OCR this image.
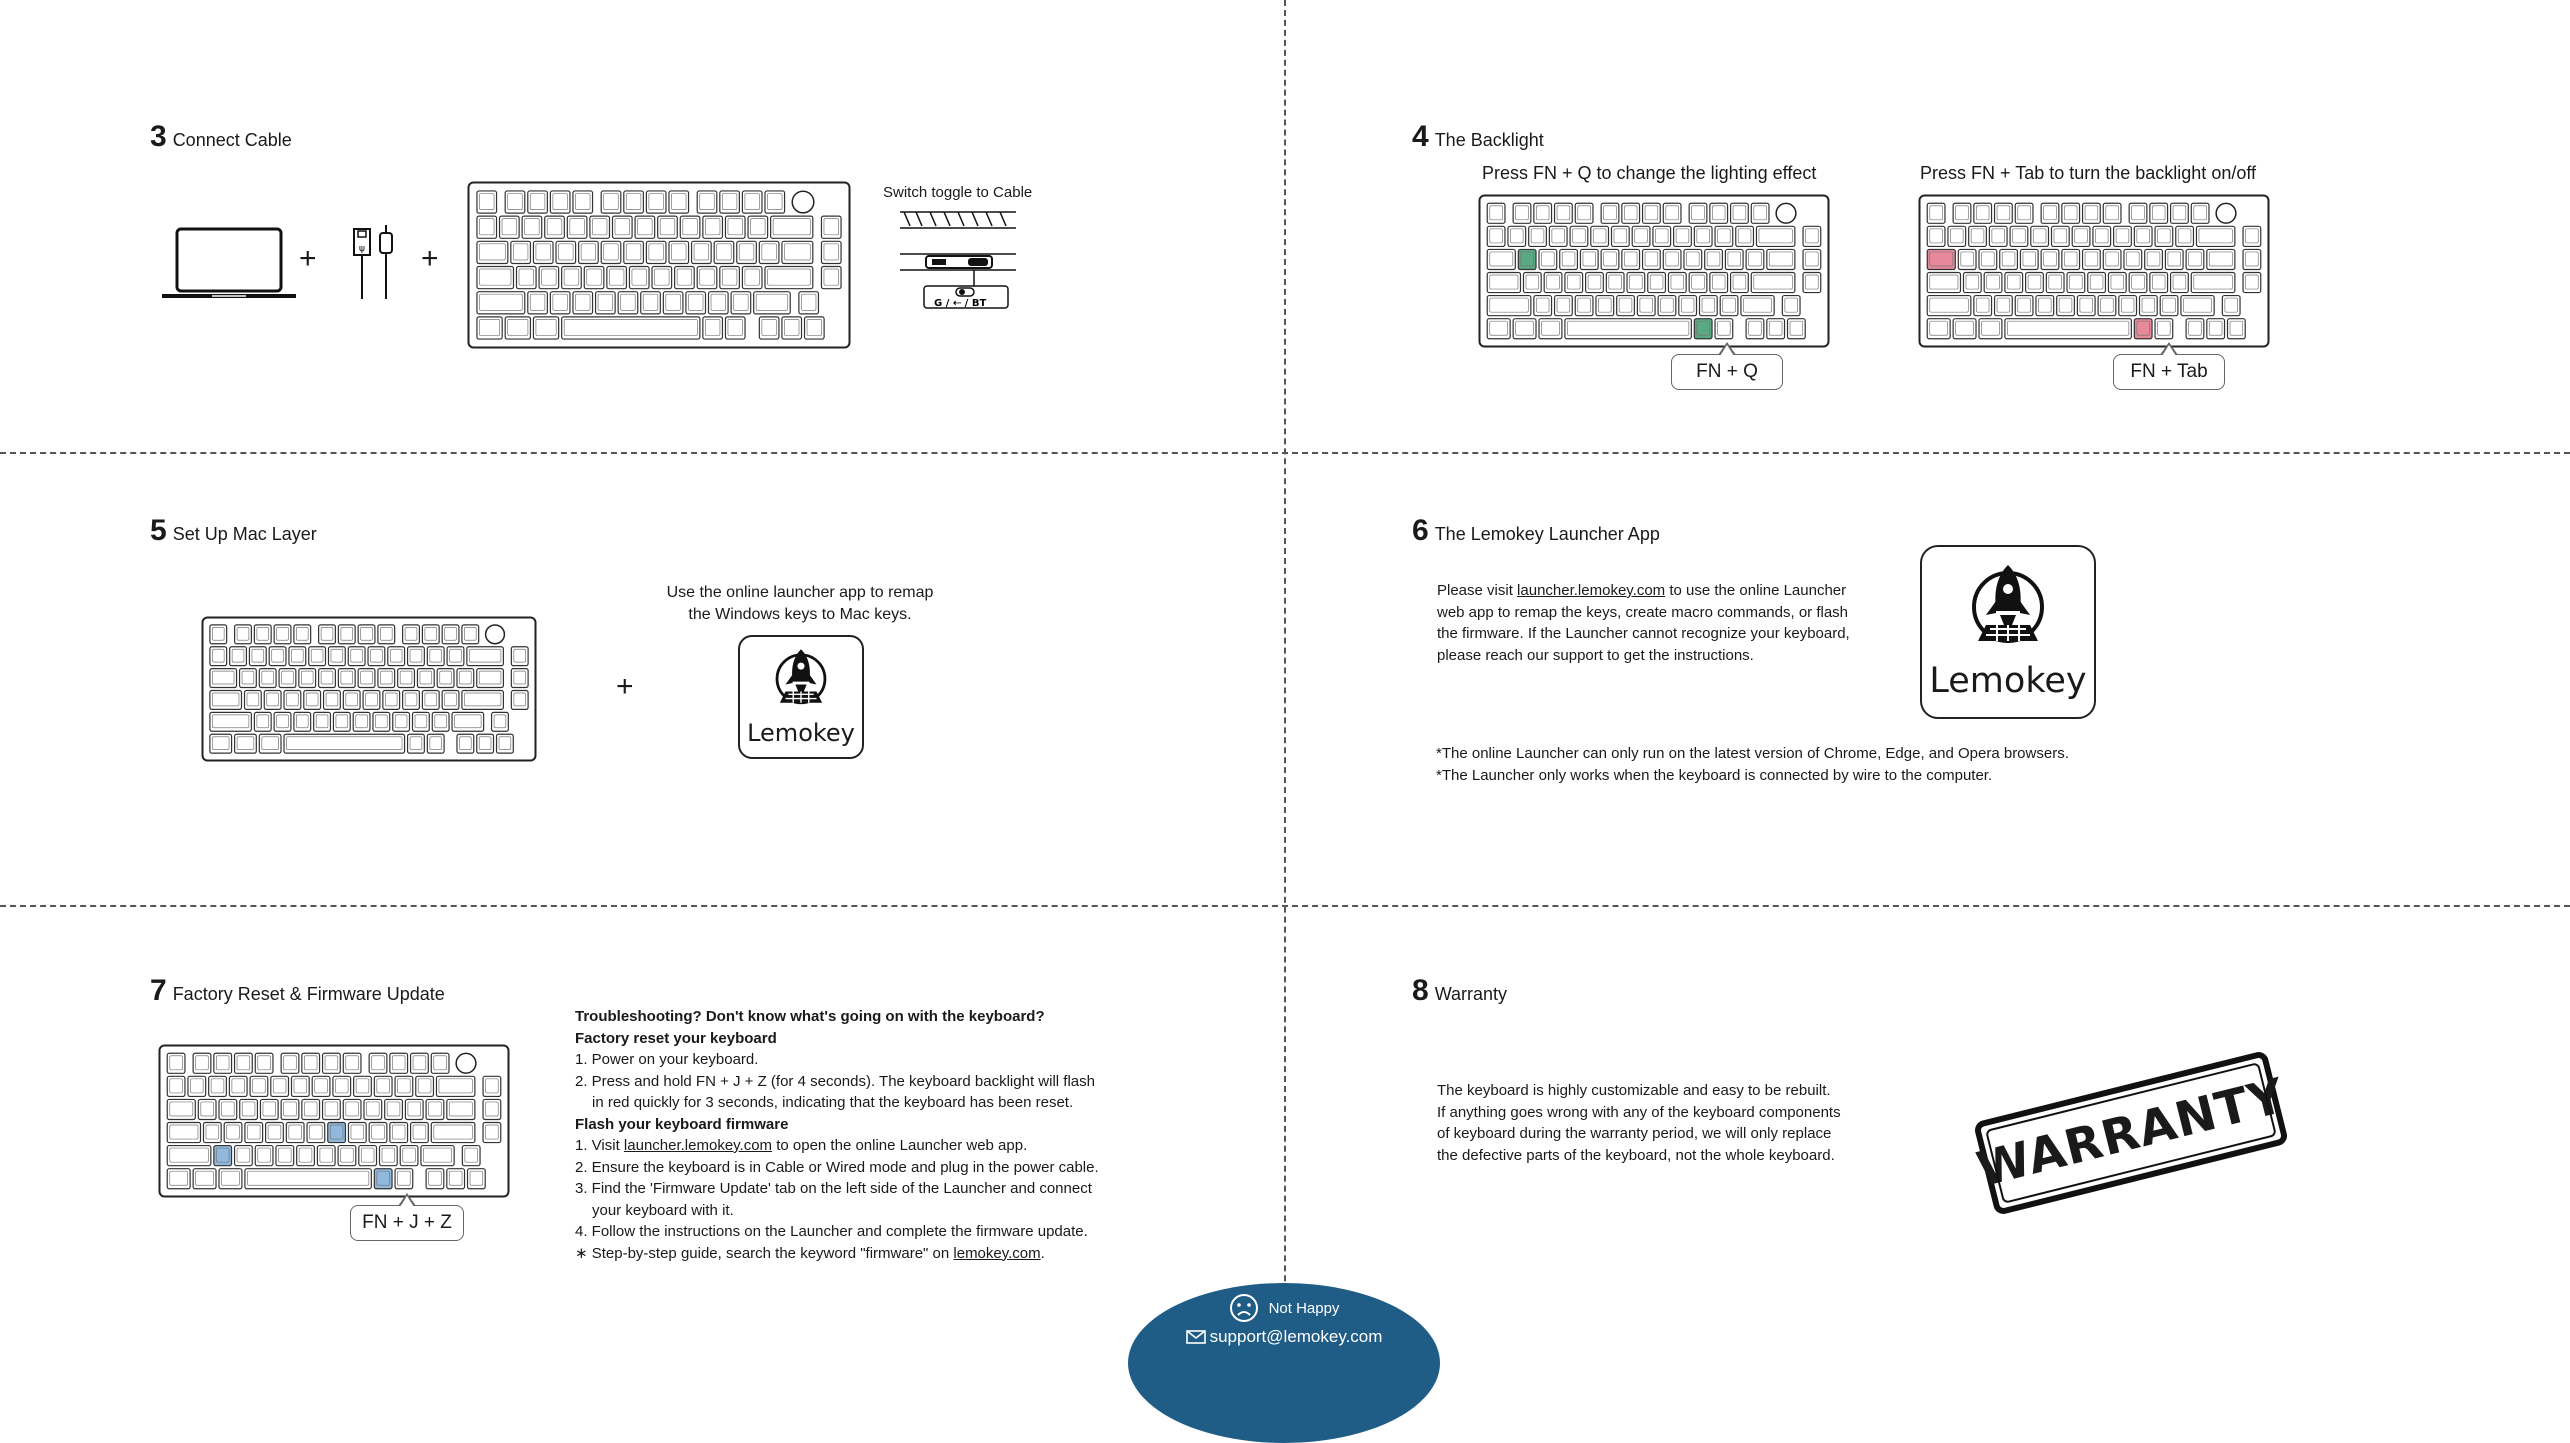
3 Connect Cable
+	ψ +
Switch toggle to Cable
G / ⇠ / BT
4 The Backlight
Press FN + Q to change the lighting effect	Press FN + Tab to turn the backlight on/off
FN + Q	FN + Tab
5 Set Up Mac Layer
+

Use the online launcher app to remap

the Windows keys to Mac keys.

Lemokey
6 The Lemokey Launcher App

Please visit launcher.lemokey.com to use the online Launcher

web app to remap the keys, create macro commands, or flash

the firmware. If the Launcher cannot recognize your keyboard,

please reach our support to get the instructions.

Lemokey

*The online Launcher can only run on the latest version of Chrome, Edge, and Opera browsers.

*The Launcher only works when the keyboard is connected by wire to the computer.

7 Factory Reset & Firmware Update
FN + J + Z

Troubleshooting? Don't know what's going on with the keyboard?

Factory reset your keyboard

1. Power on your keyboard.

2. Press and hold FN + J + Z (for 4 seconds). The keyboard backlight will flash

in red quickly for 3 seconds, indicating that the keyboard has been reset.

Flash your keyboard firmware

1. Visit launcher.lemokey.com to open the online Launcher web app.

2. Ensure the keyboard is in Cable or Wired mode and plug in the power cable.

3. Find the 'Firmware Update' tab on the left side of the Launcher and connect

your keyboard with it.

4. Follow the instructions on the Launcher and complete the firmware update.

∗ Step-by-step guide, search the keyword "firmware" on lemokey.com.

8 Warranty

The keyboard is highly customizable and easy to be rebuilt.

If anything goes wrong with any of the keyboard components

of keyboard during the warranty period, we will only replace

the defective parts of the keyboard, not the whole keyboard.	WARRANTY
Not Happy
support@lemokey.com
